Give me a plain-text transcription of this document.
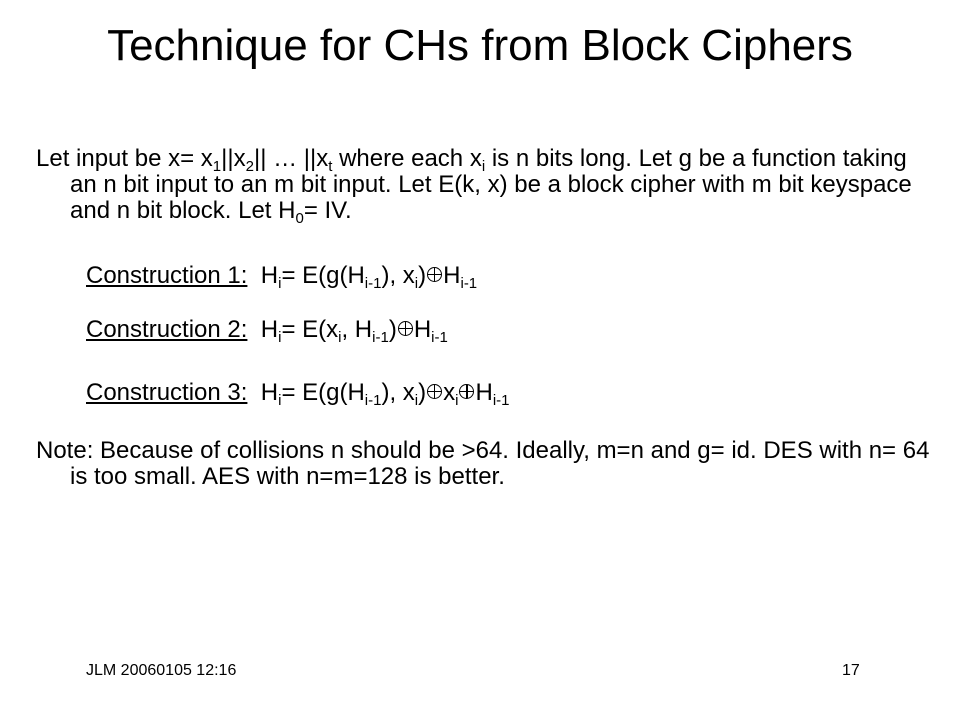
Technique for CHs from Block Ciphers
Let input be $x= x_1||x_2||$ … $||x_t$ where each $x_i$ is n bits long. Let g be a function taking an n bit input to an m bit input. Let E(k, x) be a block cipher with m bit keyspace and n bit block. Let $H_0=$ IV.
Construction 1:  $H_i= E(g(H_{i-1})$, $x_i$) $H_{i-1}$
Construction 2:  $H_i= E(x_i$, $H_{i-1}$) $H_{i-1}$
Construction 3:  $H_i= E(g(H_{i-1})$, $x_i$) $x_i$ $H_{i-1}$
Note: Because of collisions n should be >64. Ideally, m=n and g= id. DES with n= 64 is too small. AES with n=m=128 is better.
JLM 20060105 12:16	17
